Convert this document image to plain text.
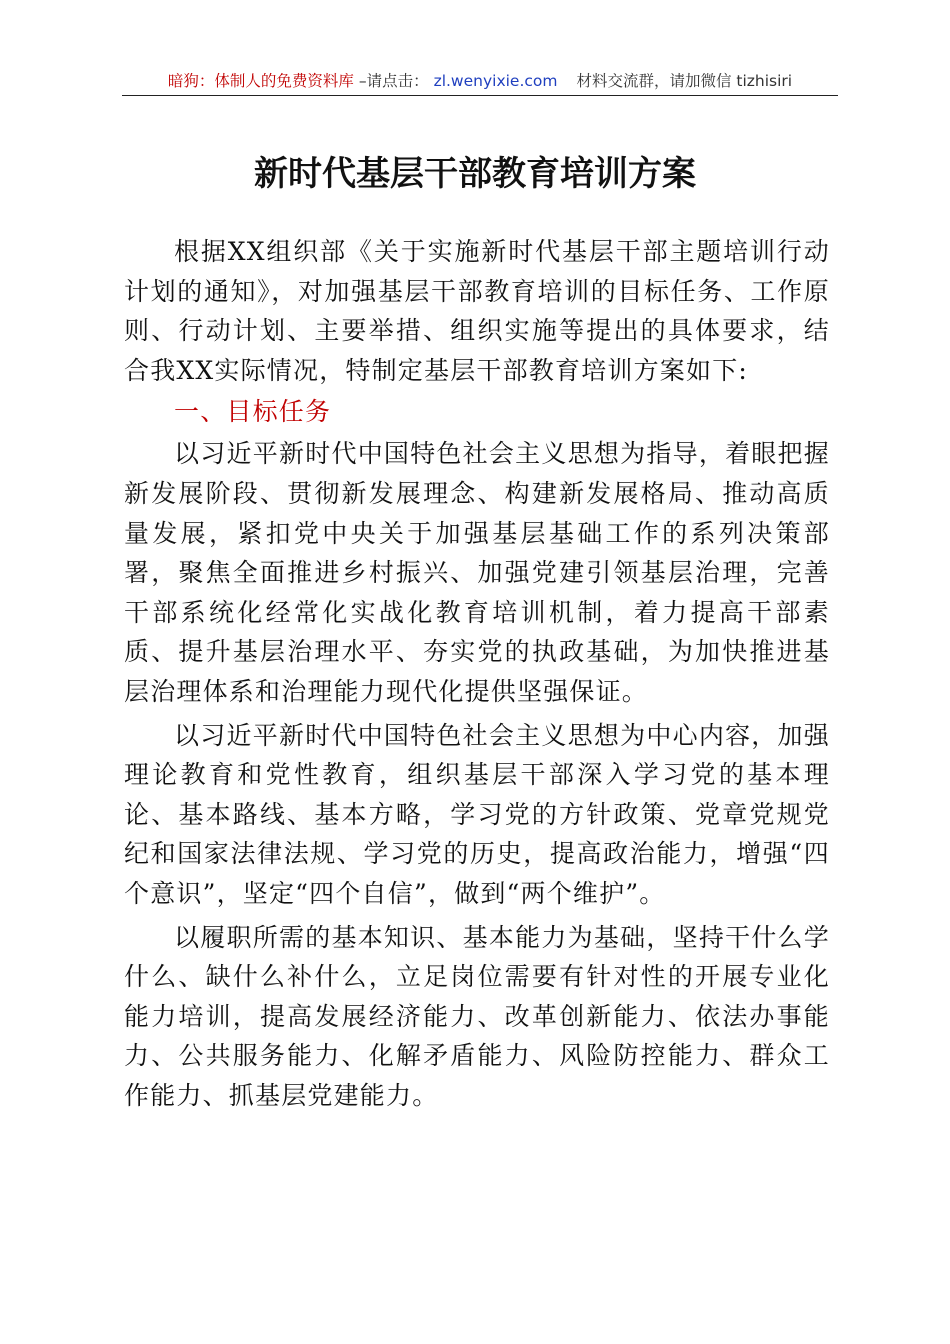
暗狗：体制人的免费资料库 –请点击： zl.wenyixie.com 材料交流群，请加微信 tizhisiri
新时代基层干部教育培训方案

根据XX组织部《关于实施新时代基层干部主题培训行动计划的通知》，对加强基层干部教育培训的目标任务、工作原则、行动计划、主要举措、组织实施等提出的具体要求，结合我XX实际情况，特制定基层干部教育培训方案如下:

一、目标任务

以习近平新时代中国特色社会主义思想为指导，着眼把握新发展阶段、贯彻新发展理念、构建新发展格局、推动高质量发展，紧扣党中央关于加强基层基础工作的系列决策部署，聚焦全面推进乡村振兴、加强党建引领基层治理，完善干部系统化经常化实战化教育培训机制，着力提高干部素质、提升基层治理水平、夯实党的执政基础，为加快推进基层治理体系和治理能力现代化提供坚强保证。

以习近平新时代中国特色社会主义思想为中心内容，加强理论教育和党性教育，组织基层干部深入学习党的基本理论、基本路线、基本方略，学习党的方针政策、党章党规党纪和国家法律法规、学习党的历史，提高政治能力，增强“四个意识”，坚定“四个自信”，做到“两个维护”。

以履职所需的基本知识、基本能力为基础，坚持干什么学什么、缺什么补什么，立足岗位需要有针对性的开展专业化能力培训，提高发展经济能力、改革创新能力、依法办事能力、公共服务能力、化解矛盾能力、风险防控能力、群众工作能力、抓基层党建能力。
